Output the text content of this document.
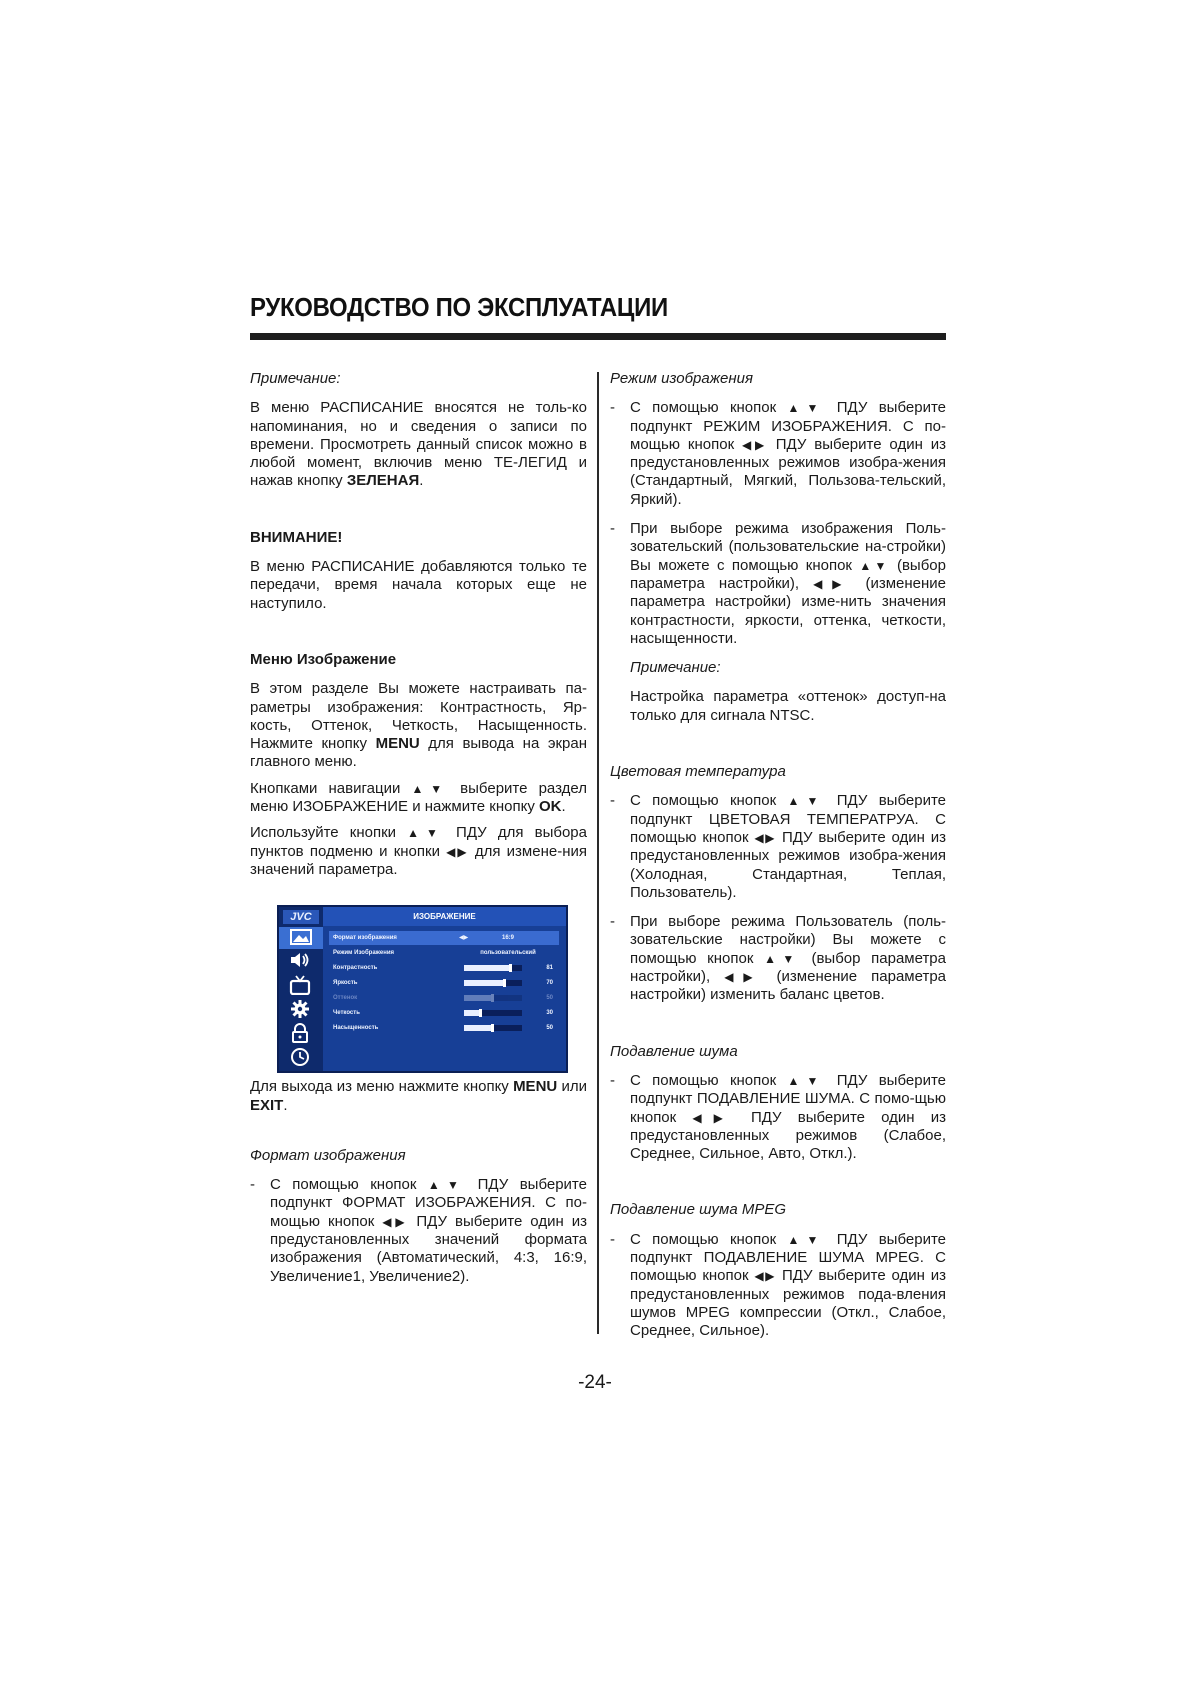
РУКОВОДСТВО ПО ЭКСПЛУАТАЦИИ

Примечание:

В меню РАСПИСАНИЕ вносятся не толь-ко напоминания, но и сведения о записи по времени. Просмотреть данный список можно в любой момент, включив меню ТЕ-ЛЕГИД и нажав кнопку ЗЕЛЕНАЯ.

ВНИМАНИЕ!

В меню РАСПИСАНИЕ добавляются только те передачи, время начала которых еще не наступило.

Меню Изображение

В этом разделе Вы можете настраивать па-раметры изображения: Контрастность, Яр-кость, Оттенок, Четкость, Насыщенность. Нажмите кнопку MENU для вывода на экран главного меню.

Кнопками навигации ▲▼ выберите раздел меню ИЗОБРАЖЕНИЕ и нажмите кнопку OK.

Используйте кнопки ▲▼ ПДУ для выбора пунктов подменю и кнопки ◀▶ для измене-ния значений параметра.

Для выхода из меню нажмите кнопку MENU или EXIT.

Формат изображения

- С помощью кнопок ▲▼ ПДУ выберите подпункт ФОРМАТ ИЗОБРАЖЕНИЯ. С по-мощью кнопок ◀▶ ПДУ выберите один из предустановленных значений формата изображения (Автоматический, 4:3, 16:9, Увеличение1, Увеличение2).

JVC	ИЗОБРАЖЕНИЕ
Формат изображения	◀▶	16:9
Режим Изображения	пользовательский
Контрастность	81
Яркость	70
Оттенок	50
Четкость	30
Насыщенность	50

Режим изображения

- С помощью кнопок ▲▼ ПДУ выберите подпункт РЕЖИМ ИЗОБРАЖЕНИЯ. С по-мощью кнопок ◀▶ ПДУ выберите один из предустановленных режимов изобра-жения (Стандартный, Мягкий, Пользова-тельский, Яркий).

- При выборе режима изображения Поль-зовательский (пользовательские на-стройки) Вы можете с помощью кнопок ▲▼ (выбор параметра настройки), ◀▶ (изменение параметра настройки) изме-нить значения контрастности, яркости, оттенка, четкости, насыщенности.

Примечание:

Настройка параметра «оттенок» доступ-на только для сигнала NTSC.

Цветовая температура

- С помощью кнопок ▲▼ ПДУ выберите подпункт ЦВЕТОВАЯ ТЕМПЕРАТРУА. С помощью кнопок ◀▶ ПДУ выберите один из предустановленных режимов изобра-жения (Холодная, Стандартная, Теплая, Пользователь).

- При выборе режима Пользователь (поль-зовательские настройки) Вы можете с помощью кнопок ▲▼ (выбор параметра настройки), ◀▶ (изменение параметра настройки) изменить баланс цветов.

Подавление шума

- С помощью кнопок ▲▼ ПДУ выберите подпункт ПОДАВЛЕНИЕ ШУМА. С помо-щью кнопок ◀▶ ПДУ выберите один из предустановленных режимов (Слабое, Среднее, Сильное, Авто, Откл.).

Подавление шума MPEG

- С помощью кнопок ▲▼ ПДУ выберите подпункт ПОДАВЛЕНИЕ ШУМА MPEG. С помощью кнопок ◀▶ ПДУ выберите один из предустановленных режимов пода-вления шумов MPEG компрессии (Откл., Слабое, Среднее, Сильное).

-24-
